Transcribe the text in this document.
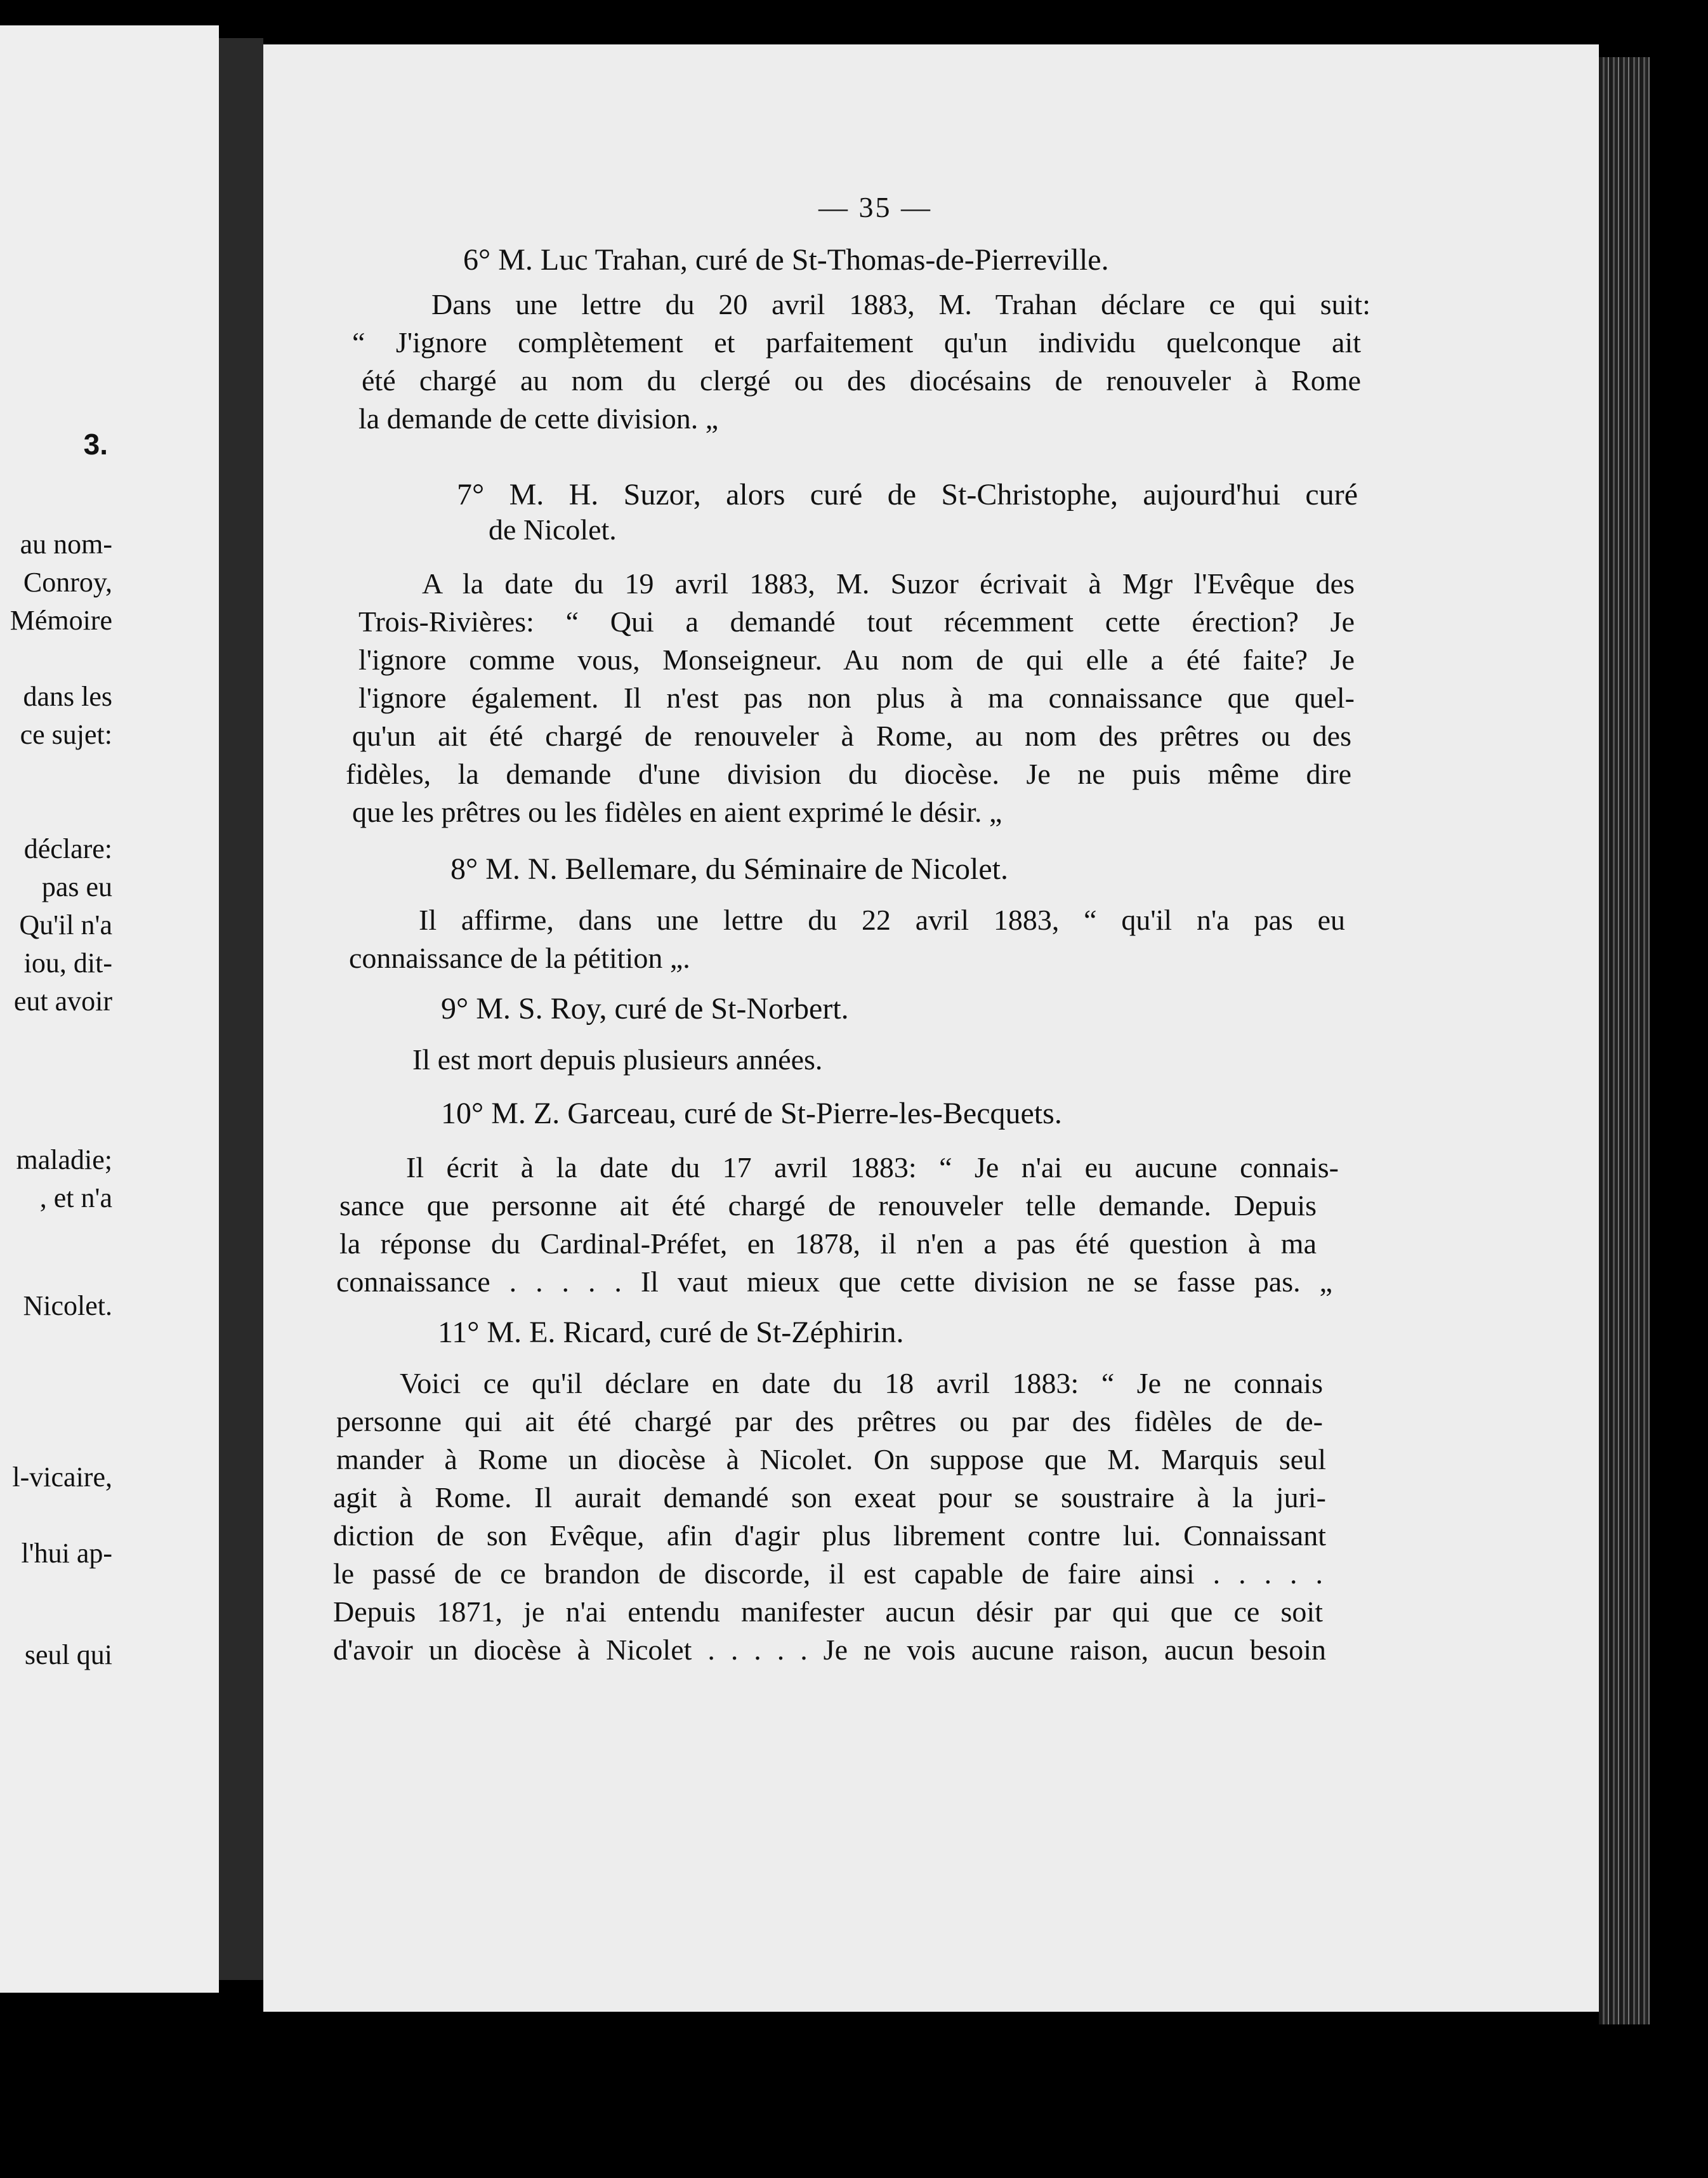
3.
au nom-
Conroy,
Mémoire
dans les
ce sujet:
déclare:
pas eu
Qu'il n'a
iou, dit-
eut avoir
maladie;
, et n'a
Nicolet.
l-vicaire,
l'hui ap-
seul qui
— 35 —
6° M. Luc Trahan, curé de St-Thomas-de-Pierreville.
Dans une lettre du 20 avril 1883, M. Trahan déclare ce qui suit:
“ J'ignore complètement et parfaitement qu'un individu quelconque ait
été chargé au nom du clergé ou des diocésains de renouveler à Rome
la demande de cette division. „
7° M. H. Suzor, alors curé de St-Christophe, aujourd'hui curé
de Nicolet.
A la date du 19 avril 1883, M. Suzor écrivait à Mgr l'Evêque des
Trois-Rivières: “ Qui a demandé tout récemment cette érection? Je
l'ignore comme vous, Monseigneur. Au nom de qui elle a été faite? Je
l'ignore également. Il n'est pas non plus à ma connaissance que quel-
qu'un ait été chargé de renouveler à Rome, au nom des prêtres ou des
fidèles, la demande d'une division du diocèse. Je ne puis même dire
que les prêtres ou les fidèles en aient exprimé le désir. „
8° M. N. Bellemare, du Séminaire de Nicolet.
Il affirme, dans une lettre du 22 avril 1883, “ qu'il n'a pas eu
connaissance de la pétition „.
9° M. S. Roy, curé de St-Norbert.
Il est mort depuis plusieurs années.
10° M. Z. Garceau, curé de St-Pierre-les-Becquets.
Il écrit à la date du 17 avril 1883: “ Je n'ai eu aucune connais-
sance que personne ait été chargé de renouveler telle demande. Depuis
la réponse du Cardinal-Préfet, en 1878, il n'en a pas été question à ma
connaissance . . . . . Il vaut mieux que cette division ne se fasse pas. „
11° M. E. Ricard, curé de St-Zéphirin.
Voici ce qu'il déclare en date du 18 avril 1883: “ Je ne connais
personne qui ait été chargé par des prêtres ou par des fidèles de de-
mander à Rome un diocèse à Nicolet. On suppose que M. Marquis seul
agit à Rome. Il aurait demandé son exeat pour se soustraire à la juri-
diction de son Evêque, afin d'agir plus librement contre lui. Connaissant
le passé de ce brandon de discorde, il est capable de faire ainsi . . . . .
Depuis 1871, je n'ai entendu manifester aucun désir par qui que ce soit
d'avoir un diocèse à Nicolet . . . . . Je ne vois aucune raison, aucun besoin
